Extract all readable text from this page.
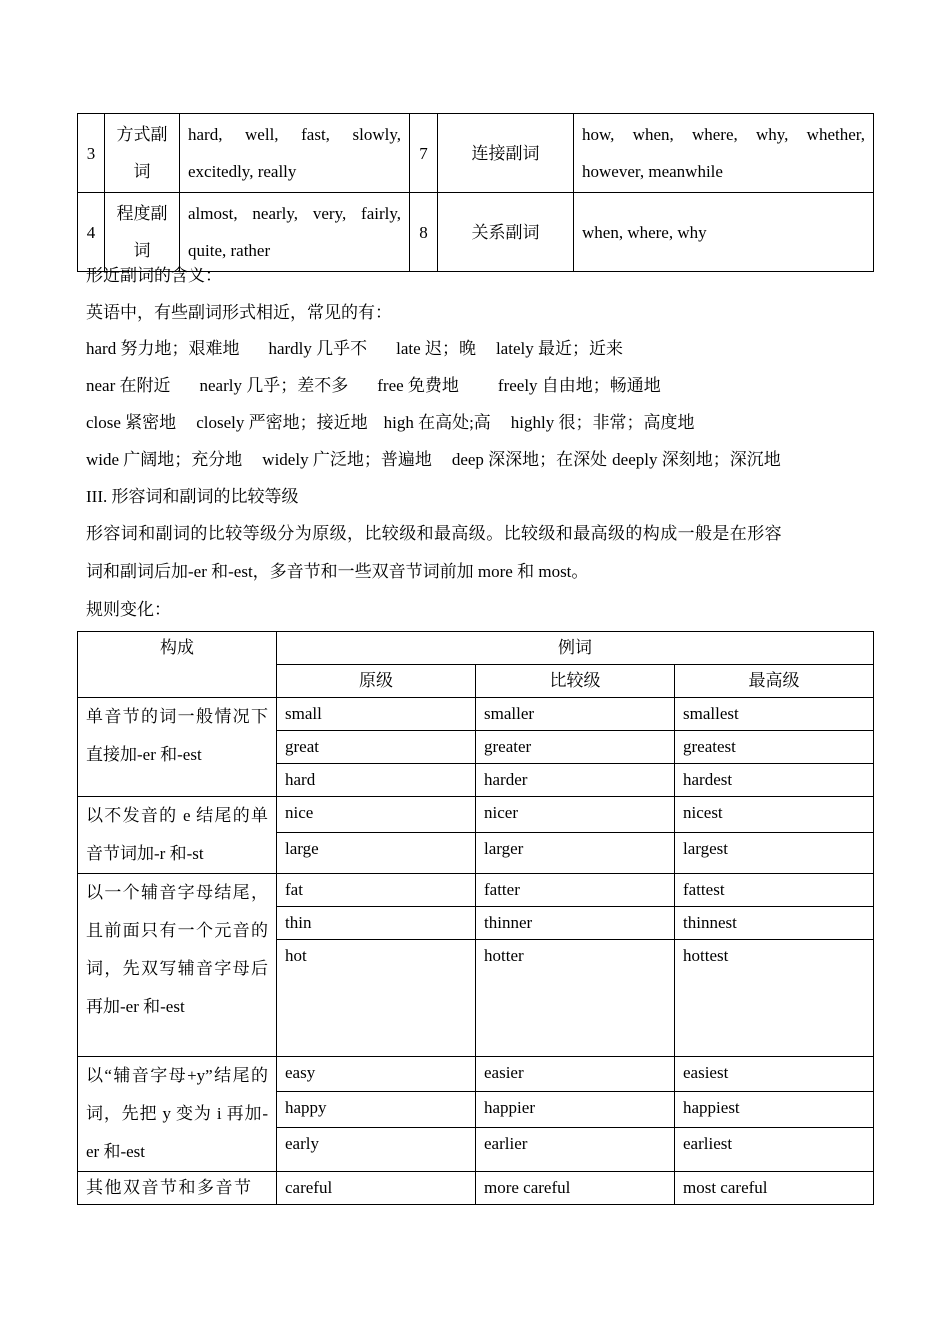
3	方式副词	hard, well, fast, slowly, excitedly, really	7	连接副词	how, when, where, why, whether, however, meanwhile
4	程度副词	almost, nearly, very, fairly, quite, rather	8	关系副词	when, where, why
形近副词的含义：
英语中，有些副词形式相近，常见的有：
hard 努力地；艰难地 hardly 几乎不 late 迟；晚 lately 最近；近来
near 在附近 nearly 几乎；差不多 free 免费地 freely 自由地；畅通地
close 紧密地 closely 严密地；接近地 high 在高处;高 highly 很；非常；高度地
wide 广阔地；充分地 widely 广泛地；普遍地 deep 深深地；在深处 deeply 深刻地；深沉地
III. 形容词和副词的比较等级
形容词和副词的比较等级分为原级，比较级和最高级。比较级和最高级的构成一般是在形容
词和副词后加-er 和-est，多音节和一些双音节词前加 more 和 most。
规则变化：
构成	例词		
	原级	比较级	最高级
单音节的词一般情况下直接加-er 和-est	small	smaller	smallest
	great	greater	greatest
	hard	harder	hardest
以不发音的 e 结尾的单音节词加-r 和-st	nice	nicer	nicest
	large	larger	largest
以一个辅音字母结尾，且前面只有一个元音的词，先双写辅音字母后再加-er 和-est	fat	fatter	fattest
	thin	thinner	thinnest
	hot	hotter	hottest
以“辅音字母+y”结尾的词，先把 y 变为 i 再加-er 和-est	easy	easier	easiest
	happy	happier	happiest
	early	earlier	earliest
其他双音节和多音节	careful	more careful	most careful
